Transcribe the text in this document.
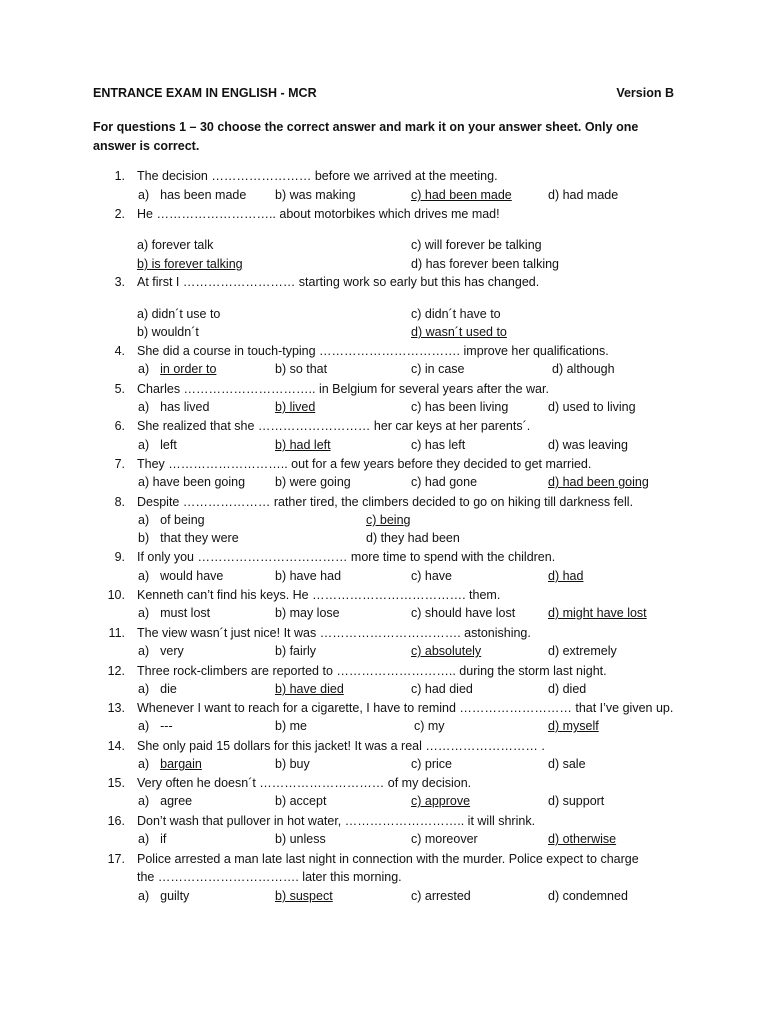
ENTRANCE EXAM IN ENGLISH - MCR	Version B
For questions 1 – 30 choose the correct answer and mark it on your answer sheet. Only one answer is correct.
1. The decision …………………… before we arrived at the meeting.
a) has been made b) was making	c) had been made	d) had made
2. He ……………………….. about motorbikes which drives me mad!
a) forever talk	c) will forever be talking
b) is forever talking	d) has forever been talking
3. At first I ……………………… starting work so early but this has changed.
a) didn´t use to	c) didn´t have to
b) wouldn´t	d) wasn´t used to
4. She did a course in touch-typing ……………………………. improve her qualifications.
a) in order to	b) so that	c) in case	d) although
5. Charles ………………………….. in Belgium for several years after the war.
a) has lived	b) lived	c) has been living	d) used to living
6. She realized that she ……………………… her car keys at her parents´.
a) left	b) had left	c) has left	d) was leaving
7. They ……………………….. out for a few years before they decided to get married.
a) have been going b) were going	c) had gone	d) had been going
8. Despite ………………… rather tired, the climbers decided to go on hiking till darkness fell.
a) of being	c) being
b) that they were	d) they had been
9. If only you ……………………………… more time to spend with the children.
a) would have	b) have had	c) have	d) had
10. Kenneth can’t find his keys. He ………………………………. them.
a) must lost	b) may lose	c) should have lost	d) might have lost
11. The view wasn´t just nice! It was ……………………………. astonishing.
a) very	b) fairly	c) absolutely	d) extremely
12. Three rock-climbers are reported to ……………………….. during the storm last night.
a) die	b) have died	c) had died	d) died
13. Whenever I want to reach for a cigarette, I have to remind ……………………… that I’ve given up.
a) ---	b) me	c) my	d) myself
14. She only paid 15 dollars for this jacket! It was a real ……………………… .
a) bargain	b) buy	c) price	d) sale
15. Very often he doesn´t ………………………… of my decision.
a) agree	b) accept	c) approve	d) support
16. Don’t wash that pullover in hot water, ……………………….. it will shrink.
a) if	b) unless	c) moreover	d) otherwise
17. Police arrested a man late last night in connection with the murder. Police expect to charge
the ……………………………. later this morning.
a) guilty	b) suspect	c) arrested	d) condemned
